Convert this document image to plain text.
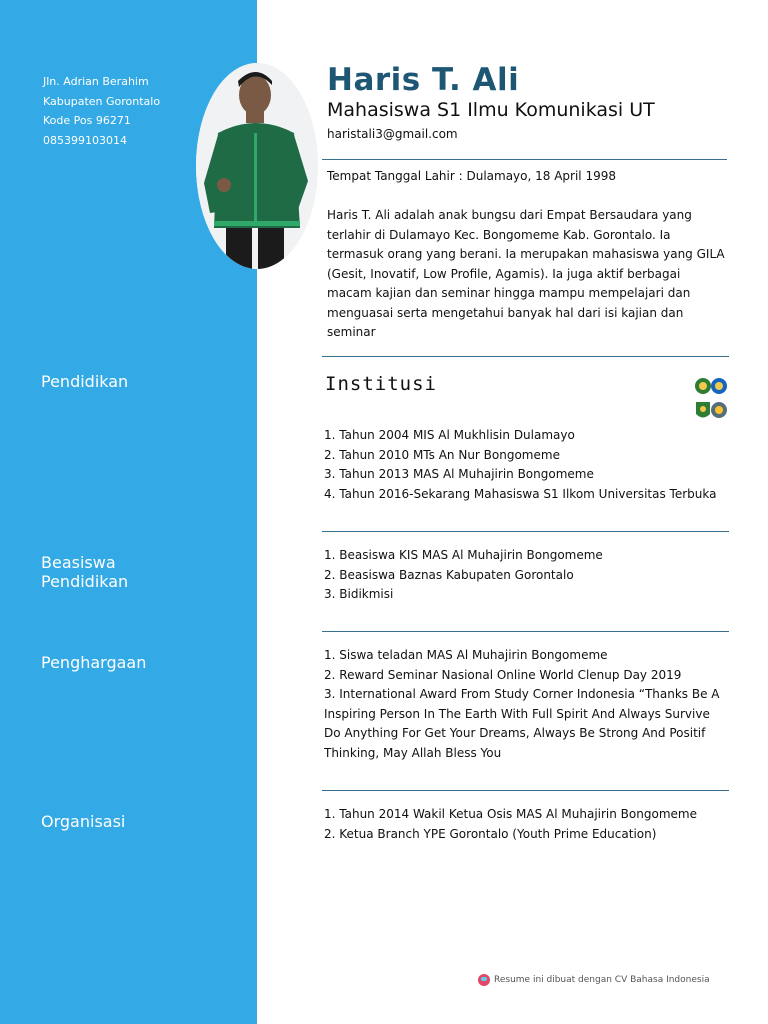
Jln. Adrian Berahim
Kabupaten Gorontalo
Kode Pos 96271
085399103014
Haris T. Ali
Mahasiswa S1 Ilmu Komunikasi UT
haristali3@gmail.com
Tempat Tanggal Lahir : Dulamayo, 18 April 1998
Haris T. Ali adalah anak bungsu dari Empat Bersaudara yang terlahir di Dulamayo Kec. Bongomeme Kab. Gorontalo. Ia termasuk orang yang berani. Ia merupakan mahasiswa yang GILA (Gesit, Inovatif, Low Profile, Agamis). Ia juga aktif berbagai macam kajian dan seminar hingga mampu mempelajari dan menguasai serta mengetahui banyak hal dari isi kajian dan seminar
Pendidikan	Institusi
1. Tahun 2004 MIS Al Mukhlisin Dulamayo
2. Tahun 2010 MTs An Nur Bongomeme
3. Tahun 2013 MAS Al Muhajirin Bongomeme
4. Tahun 2016-Sekarang Mahasiswa S1 Ilkom Universitas Terbuka
Beasiswa
Pendidikan
1. Beasiswa KIS MAS Al Muhajirin Bongomeme
2. Beasiswa Baznas Kabupaten Gorontalo
3. Bidikmisi
Penghargaan	1. Siswa teladan MAS Al Muhajirin Bongomeme
2. Reward Seminar Nasional Online World Clenup Day 2019
3. International Award From Study Corner Indonesia “Thanks Be A Inspiring Person In The Earth With Full Spirit And Always Survive Do Anything For Get Your Dreams, Always Be Strong And Positif Thinking, May Allah Bless You
Organisasi	1. Tahun 2014 Wakil Ketua Osis MAS Al Muhajirin Bongomeme
2. Ketua Branch YPE Gorontalo (Youth Prime Education)
Resume ini dibuat dengan CV Bahasa Indonesia
